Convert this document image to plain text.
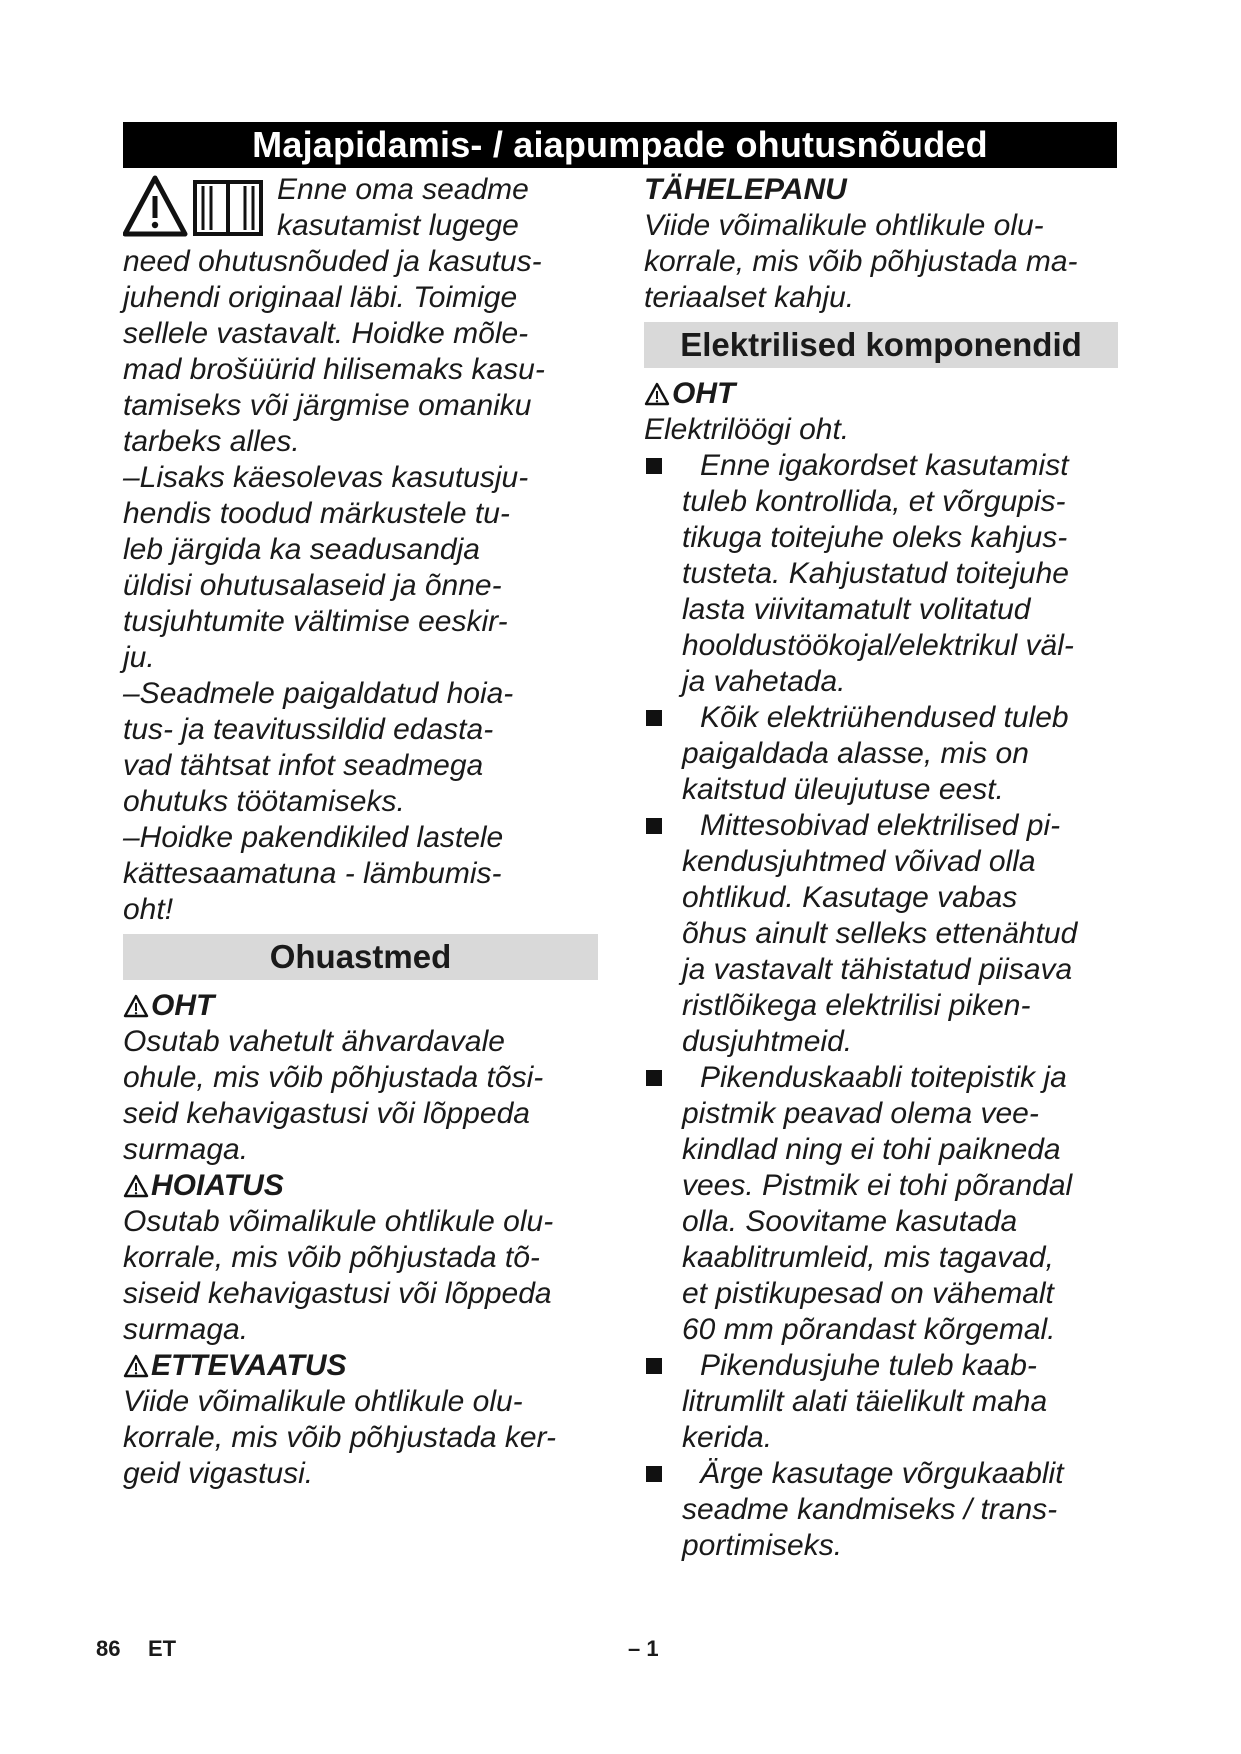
Majapidamis- / aiapumpade ohutusnõuded

Enne oma seadme

kasutamist lugege

need ohutusnõuded ja kasutus-

juhendi originaal läbi. Toimige

sellele vastavalt. Hoidke mõle-

mad brošüürid hilisemaks kasu-

tamiseks või järgmise omaniku

tarbeks alles.

–Lisaks käesolevas kasutusju-

hendis toodud märkustele tu-

leb järgida ka seadusandja

üldisi ohutusalaseid ja õnne-

tusjuhtumite vältimise eeskir-

ju.

–Seadmele paigaldatud hoia-

tus- ja teavitussildid edasta-

vad tähtsat infot seadmega

ohutuks töötamiseks.

–Hoidke pakendikiled lastele

kättesaamatuna - lämbumis-

oht!

Ohuastmed
OHT

Osutab vahetult ähvardavale

ohule, mis võib põhjustada tõsi-

seid kehavigastusi või lõppeda

surmaga.

HOIATUS

Osutab võimalikule ohtlikule olu-

korrale, mis võib põhjustada tõ-

siseid kehavigastusi või lõppeda

surmaga.

ETTEVAATUS

Viide võimalikule ohtlikule olu-

korrale, mis võib põhjustada ker-

geid vigastusi.

TÄHELEPANU

Viide võimalikule ohtlikule olu-

korrale, mis võib põhjustada ma-

teriaalset kahju.

Elektrilised komponendid
OHT

Elektrilöögi oht.

Enne igakordset kasutamist

tuleb kontrollida, et võrgupis-

tikuga toitejuhe oleks kahjus-

tusteta. Kahjustatud toitejuhe

lasta viivitamatult volitatud

hooldustöökojal/elektrikul väl-

ja vahetada.

Kõik elektriühendused tuleb

paigaldada alasse, mis on

kaitstud üleujutuse eest.

Mittesobivad elektrilised pi-

kendusjuhtmed võivad olla

ohtlikud. Kasutage vabas

õhus ainult selleks ettenähtud

ja vastavalt tähistatud piisava

ristlõikega elektrilisi piken-

dusjuhtmeid.

Pikenduskaabli toitepistik ja

pistmik peavad olema vee-

kindlad ning ei tohi paikneda

vees. Pistmik ei tohi põrandal

olla. Soovitame kasutada

kaablitrumleid, mis tagavad,

et pistikupesad on vähemalt

60 mm põrandast kõrgemal.

Pikendusjuhe tuleb kaab-

litrumlilt alati täielikult maha

kerida.

Ärge kasutage võrgukaablit

seadme kandmiseks / trans-

portimiseks.

86 ET	– 1
